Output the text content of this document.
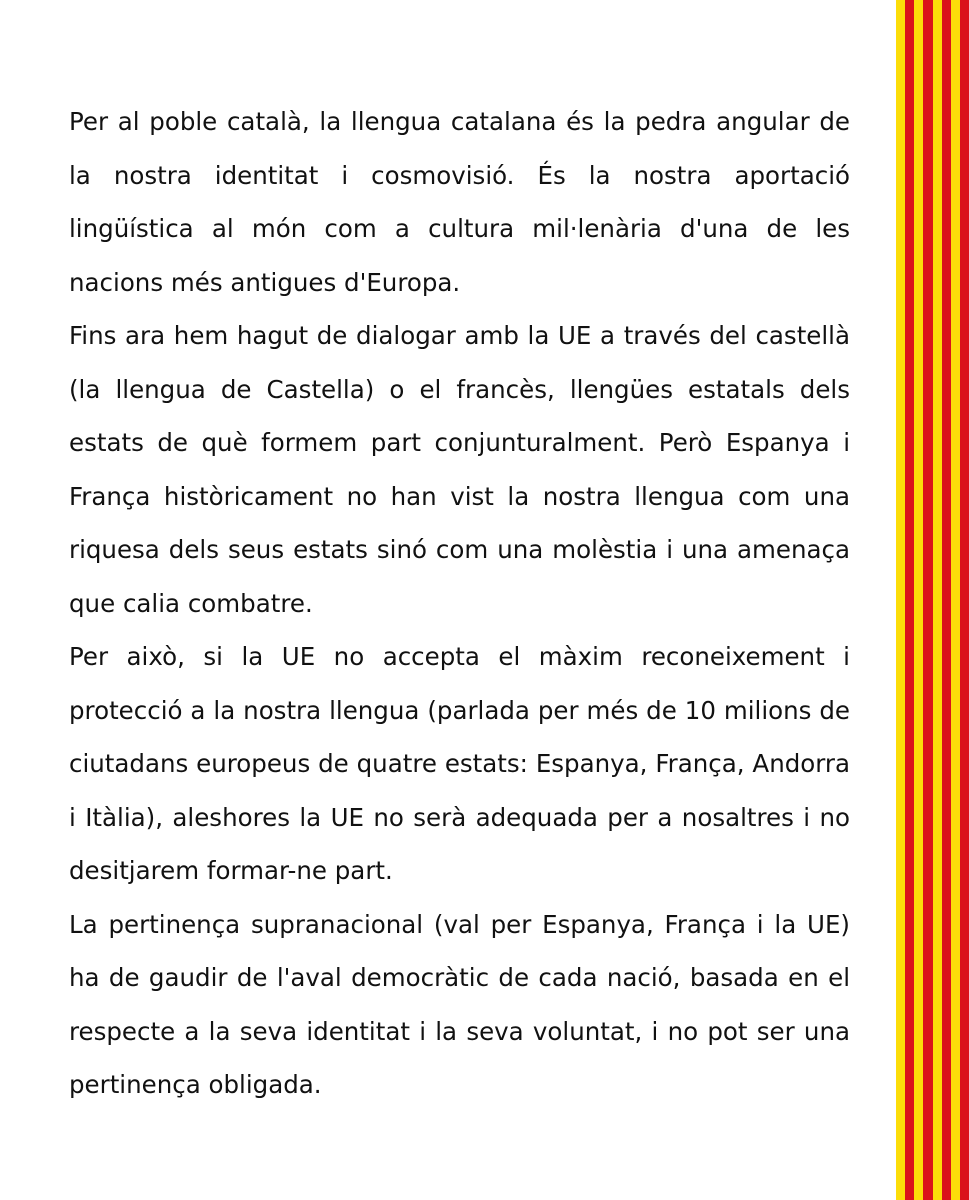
Per al poble català, la llengua catalana és la pedra angular de la nostra identitat i cosmovisió. És la nostra aportació lingüística al món com a cultura mil·lenària d'una de les nacions més antigues d'Europa.

Fins ara hem hagut de dialogar amb la UE a través del castellà (la llengua de Castella) o el francès, llengües estatals dels estats de què formem part conjunturalment. Però Espanya i França històricament no han vist la nostra llengua com una riquesa dels seus estats sinó com una molèstia i una amenaça que calia combatre.

Per això, si la UE no accepta el màxim reconeixement i protecció a la nostra llengua (parlada per més de 10 milions de ciutadans europeus de quatre estats: Espanya, França, Andorra i Itàlia), aleshores la UE no serà adequada per a nosaltres i no desitjarem formar-ne part.

La pertinença supranacional (val per Espanya, França i la UE) ha de gaudir de l'aval democràtic de cada nació, basada en el respecte a la seva identitat i la seva voluntat, i no pot ser una pertinença obligada.
